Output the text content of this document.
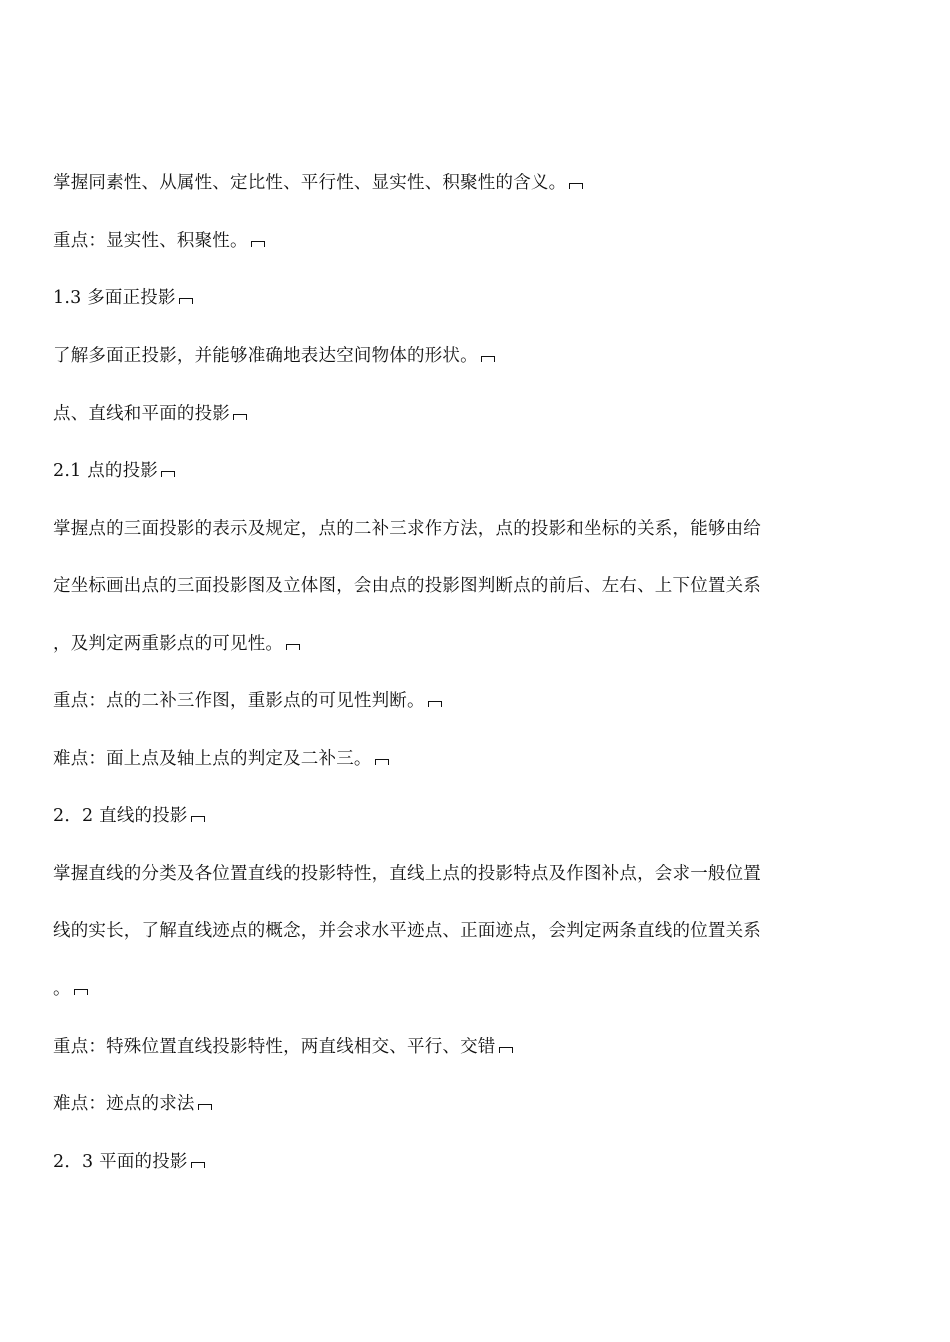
掌握同素性、从属性、定比性、平行性、显实性、积聚性的含义。
重点：显实性、积聚性。
1.3 多面正投影
了解多面正投影，并能够准确地表达空间物体的形状。
点、直线和平面的投影
2.1 点的投影
掌握点的三面投影的表示及规定，点的二补三求作方法，点的投影和坐标的关系，能够由给
定坐标画出点的三面投影图及立体图，会由点的投影图判断点的前后、左右、上下位置关系
，及判定两重影点的可见性。
重点：点的二补三作图，重影点的可见性判断。
难点：面上点及轴上点的判定及二补三。
2．2 直线的投影
掌握直线的分类及各位置直线的投影特性，直线上点的投影特点及作图补点，会求一般位置
线的实长，了解直线迹点的概念，并会求水平迹点、正面迹点，会判定两条直线的位置关系
。
重点：特殊位置直线投影特性，两直线相交、平行、交错
难点：迹点的求法
2．3 平面的投影
